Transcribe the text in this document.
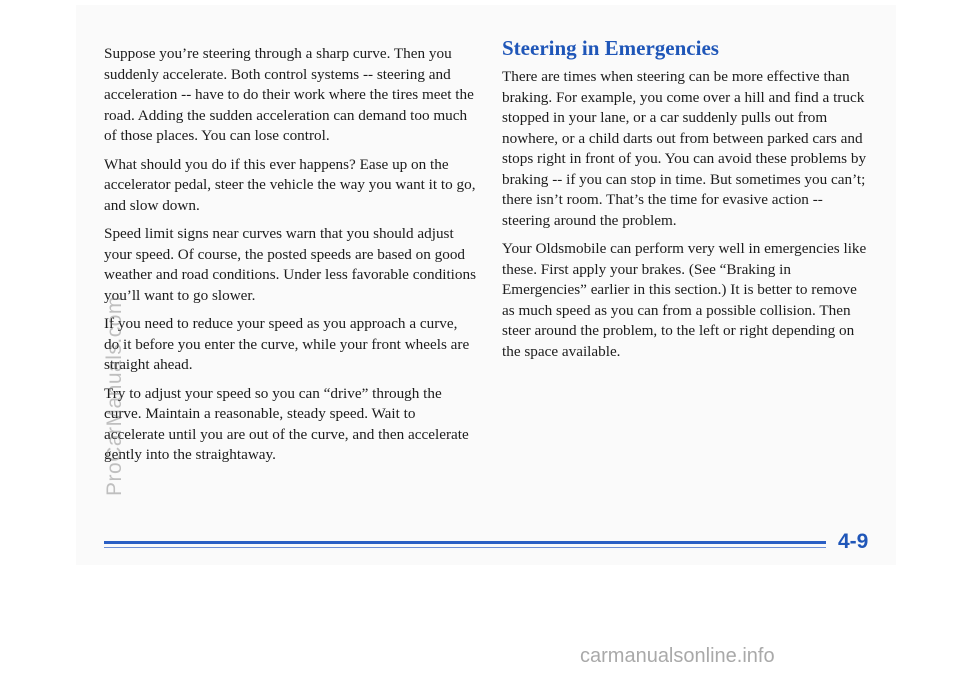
Suppose you’re steering through a sharp curve. Then you suddenly accelerate. Both control systems -- steering and acceleration -- have to do their work where the tires meet the road. Adding the sudden acceleration can demand too much of those places. You can lose control.

What should you do if this ever happens? Ease up on the accelerator pedal, steer the vehicle the way you want it to go, and slow down.

Speed limit signs near curves warn that you should adjust your speed. Of course, the posted speeds are based on good weather and road conditions. Under less favorable conditions you’ll want to go slower.

If you need to reduce your speed as you approach a curve, do it before you enter the curve, while your front wheels are straight ahead.

Try to adjust your speed so you can “drive” through the curve. Maintain a reasonable, steady speed. Wait to accelerate until you are out of the curve, and then accelerate gently into the straightaway.

Steering in Emergencies

There are times when steering can be more effective than braking. For example, you come over a hill and find a truck stopped in your lane, or a car suddenly pulls out from nowhere, or a child darts out from between parked cars and stops right in front of you. You can avoid these problems by braking -- if you can stop in time. But sometimes you can’t; there isn’t room. That’s the time for evasive action -- steering around the problem.

Your Oldsmobile can perform very well in emergencies like these. First apply your brakes. (See “Braking in Emergencies” earlier in this section.) It is better to remove as much speed as you can from a possible collision. Then steer around the problem, to the left or right depending on the space available.

4-9
ProCarManuals.com
carmanualsonline.info
